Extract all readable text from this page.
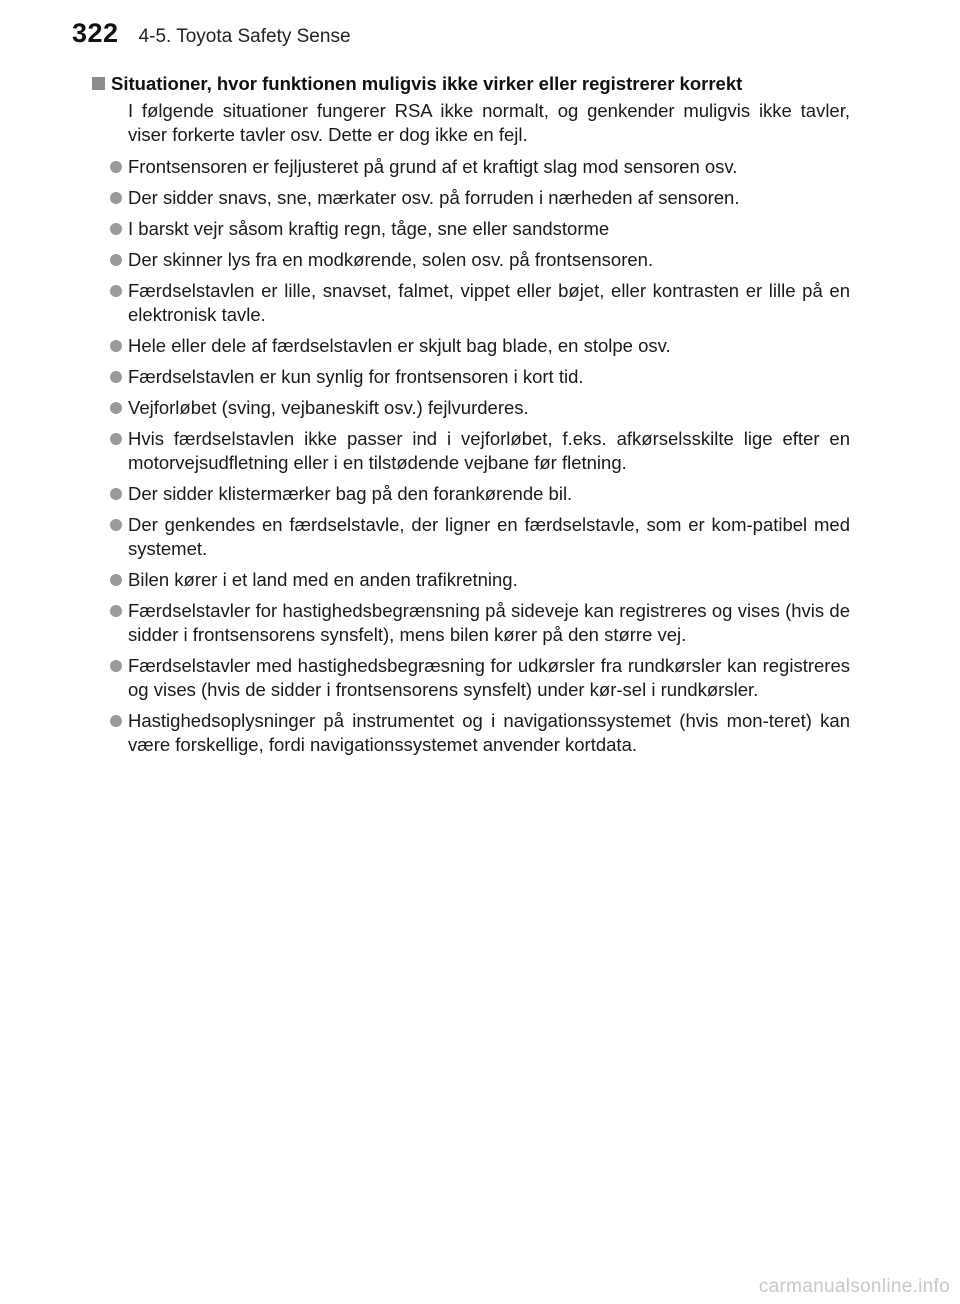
322 4-5. Toyota Safety Sense
Situationer, hvor funktionen muligvis ikke virker eller registrerer korrekt

I følgende situationer fungerer RSA ikke normalt, og genkender muligvis ikke tavler, viser forkerte tavler osv. Dette er dog ikke en fejl.

Frontsensoren er fejljusteret på grund af et kraftigt slag mod sensoren osv.
Der sidder snavs, sne, mærkater osv. på forruden i nærheden af sensoren.
I barskt vejr såsom kraftig regn, tåge, sne eller sandstorme
Der skinner lys fra en modkørende, solen osv. på frontsensoren.
Færdselstavlen er lille, snavset, falmet, vippet eller bøjet, eller kontrasten er lille på en elektronisk tavle.
Hele eller dele af færdselstavlen er skjult bag blade, en stolpe osv.
Færdselstavlen er kun synlig for frontsensoren i kort tid.
Vejforløbet (sving, vejbaneskift osv.) fejlvurderes.
Hvis færdselstavlen ikke passer ind i vejforløbet, f.eks. afkørselsskilte lige efter en motorvejsudfletning eller i en tilstødende vejbane før fletning.
Der sidder klistermærker bag på den forankørende bil.
Der genkendes en færdselstavle, der ligner en færdselstavle, som er kom-patibel med systemet.
Bilen kører i et land med en anden trafikretning.
Færdselstavler for hastighedsbegrænsning på sideveje kan registreres og vises (hvis de sidder i frontsensorens synsfelt), mens bilen kører på den større vej.
Færdselstavler med hastighedsbegræsning for udkørsler fra rundkørsler kan registreres og vises (hvis de sidder i frontsensorens synsfelt) under kør-sel i rundkørsler.
Hastighedsoplysninger på instrumentet og i navigationssystemet (hvis mon-teret) kan være forskellige, fordi navigationssystemet anvender kortdata.
carmanualsonline.info
